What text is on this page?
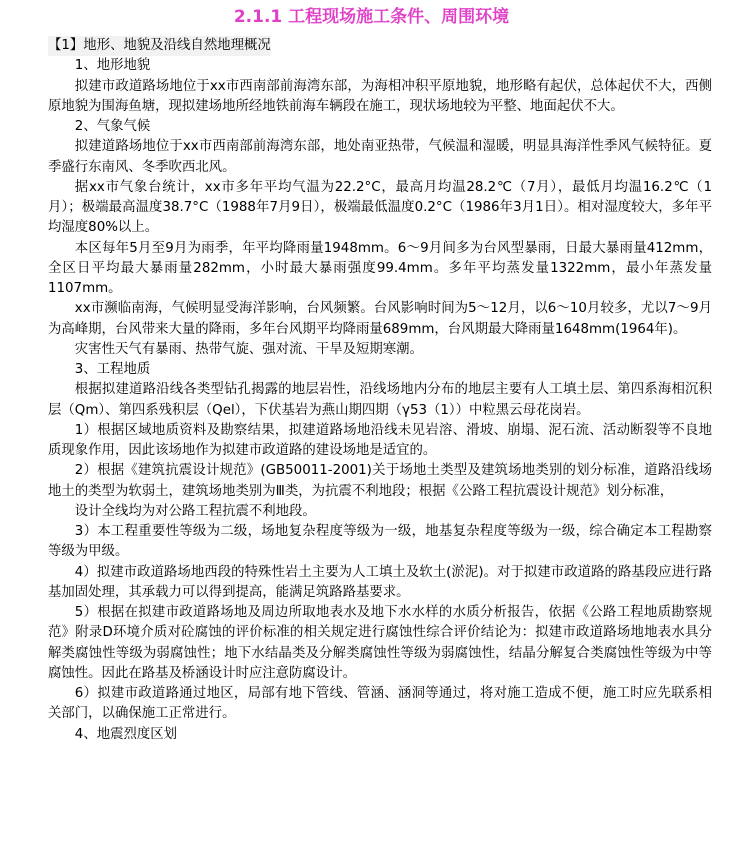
2.1.1 工程现场施工条件、周围环境

【1】地形、地貌及沿线自然地理概况

1、地形地貌

拟建市政道路场地位于xx市西南部前海湾东部，为海相冲积平原地貌，地形略有起伏，总体起伏不大，西侧原地貌为围海鱼塘，现拟建场地所经地铁前海车辆段在施工，现状场地较为平整、地面起伏不大。

2、气象气候

拟建道路场地位于xx市西南部前海湾东部，地处南亚热带，气候温和湿暖，明显具海洋性季风气候特征。夏季盛行东南风、冬季吹西北风。

据xx市气象台统计，xx市多年平均气温为22.2°C，最高月均温28.2℃（7月），最低月均温16.2℃（1月）；极端最高温度38.7°C（1988年7月9日），极端最低温度0.2°C（1986年3月1日）。相对湿度较大，多年平均湿度80%以上。

本区每年5月至9月为雨季，年平均降雨量1948mm。6～9月间多为台风型暴雨，日最大暴雨量412mm，全区日平均最大暴雨量282mm，小时最大暴雨强度99.4mm。多年平均蒸发量1322mm，最小年蒸发量1107mm。

xx市濒临南海，气候明显受海洋影响，台风频繁。台风影响时间为5～12月，以6～10月较多，尤以7～9月为高峰期，台风带来大量的降雨，多年台风期平均降雨量689mm，台风期最大降雨量1648mm(1964年)。

灾害性天气有暴雨、热带气旋、强对流、干旱及短期寒潮。

3、工程地质

根据拟建道路沿线各类型钻孔揭露的地层岩性，沿线场地内分布的地层主要有人工填土层、第四系海相沉积层（Qm）、第四系残积层（Qel），下伏基岩为燕山期四期（γ53（1））中粒黑云母花岗岩。

1）根据区域地质资料及勘察结果，拟建道路场地沿线未见岩溶、滑坡、崩塌、泥石流、活动断裂等不良地质现象作用，因此该场地作为拟建市政道路的建设场地是适宜的。

2）根据《建筑抗震设计规范》(GB50011-2001)关于场地土类型及建筑场地类别的划分标准，道路沿线场地土的类型为软弱土，建筑场地类别为Ⅲ类，为抗震不利地段；根据《公路工程抗震设计规范》划分标准，

设计全线均为对公路工程抗震不利地段。

3）本工程重要性等级为二级，场地复杂程度等级为一级，地基复杂程度等级为一级，综合确定本工程勘察等级为甲级。

4）拟建市政道路场地西段的特殊性岩土主要为人工填土及软土(淤泥)。对于拟建市政道路的路基段应进行路基加固处理，其承载力可以得到提高，能满足筑路路基要求。

5）根据在拟建市政道路场地及周边所取地表水及地下水水样的水质分析报告，依据《公路工程地质勘察规范》附录D环境介质对砼腐蚀的评价标准的相关规定进行腐蚀性综合评价结论为：拟建市政道路场地地表水具分解类腐蚀性等级为弱腐蚀性；地下水结晶类及分解类腐蚀性等级为弱腐蚀性，结晶分解复合类腐蚀性等级为中等腐蚀性。因此在路基及桥涵设计时应注意防腐设计。

6）拟建市政道路通过地区，局部有地下管线、管涵、涵洞等通过，将对施工造成不便，施工时应先联系相关部门，以确保施工正常进行。

4、地震烈度区划
